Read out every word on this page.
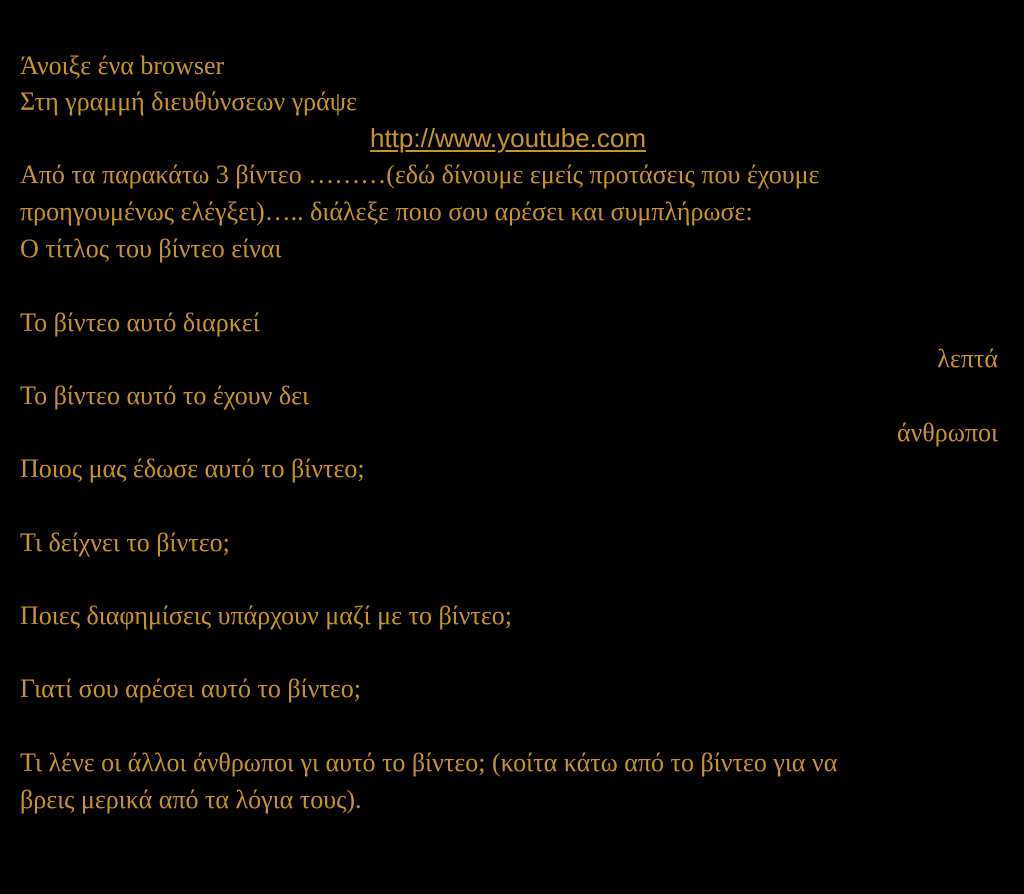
Άνοιξε ένα browser
Στη γραμμή διευθύνσεων γράψε
http://www.youtube.com
Από τα παρακάτω 3 βίντεο ………(εδώ δίνουμε εμείς προτάσεις που έχουμε
προηγουμένως ελέγξει)….. διάλεξε ποιο σου αρέσει και συμπλήρωσε:
Ο τίτλος του βίντεο είναι
Το βίντεο αυτό διαρκεί
λεπτά
Το βίντεο αυτό το έχουν δει
άνθρωποι
Ποιος μας έδωσε αυτό το βίντεο;
Τι δείχνει το βίντεο;
Ποιες διαφημίσεις υπάρχουν μαζί με το βίντεο;
Γιατί σου αρέσει αυτό το βίντεο;
Τι λένε οι άλλοι άνθρωποι γι αυτό το βίντεο; (κοίτα κάτω από το βίντεο για να
βρεις μερικά από τα λόγια τους).
